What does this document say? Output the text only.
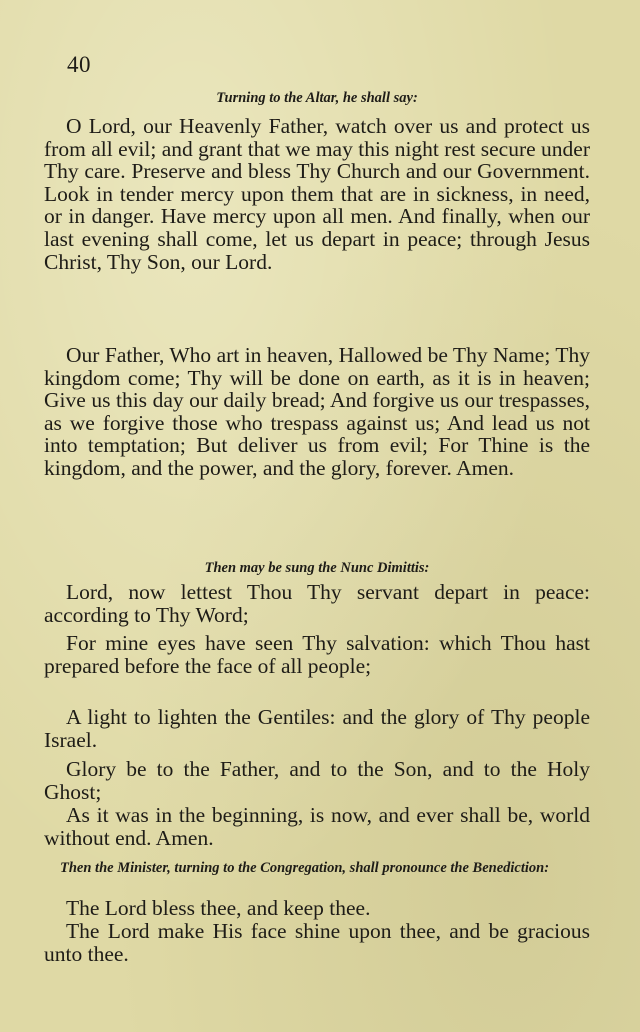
40

Turning to the Altar, he shall say:

O Lord, our Heavenly Father, watch over us and protect us from all evil; and grant that we may this night rest secure under Thy care. Preserve and bless Thy Church and our Government. Look in tender mercy upon them that are in sickness, in need, or in danger. Have mercy upon all men. And finally, when our last evening shall come, let us depart in peace; through Jesus Christ, Thy Son, our Lord.

Our Father, Who art in heaven, Hallowed be Thy Name; Thy kingdom come; Thy will be done on earth, as it is in heaven; Give us this day our daily bread; And forgive us our trespasses, as we forgive those who trespass against us; And lead us not into temptation; But deliver us from evil; For Thine is the kingdom, and the power, and the glory, forever. Amen.

Then may be sung the Nunc Dimittis:

Lord, now lettest Thou Thy servant depart in peace: according to Thy Word;

For mine eyes have seen Thy salvation: which Thou hast prepared before the face of all people;

A light to lighten the Gentiles: and the glory of Thy people Israel.

Glory be to the Father, and to the Son, and to the Holy Ghost;

As it was in the beginning, is now, and ever shall be, world without end. Amen.

Then the Minister, turning to the Congregation, shall pronounce the Benediction:

The Lord bless thee, and keep thee.

The Lord make His face shine upon thee, and be gracious unto thee.
